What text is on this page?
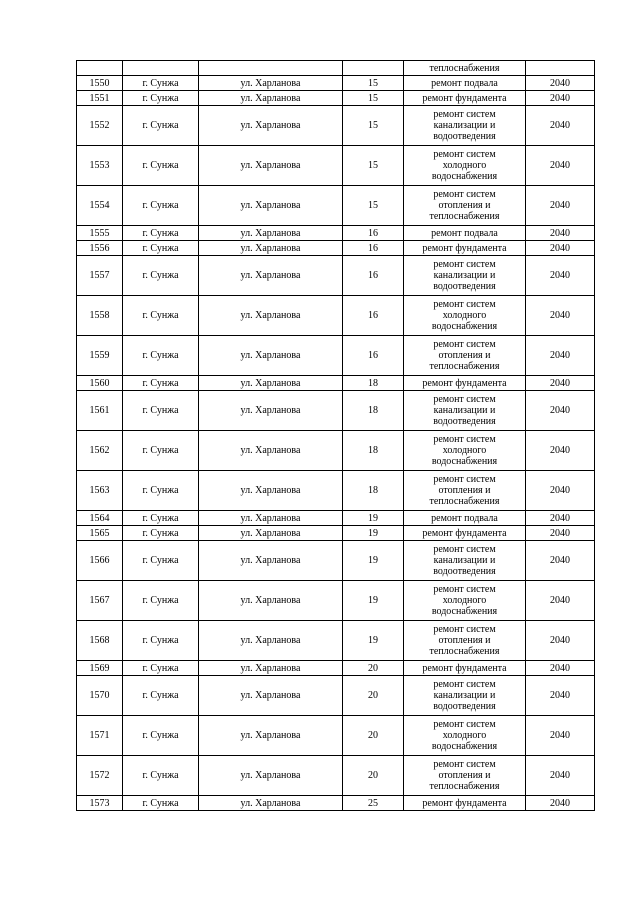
				теплоснабжения	

1550	г. Сунжа	ул. Харланова	15	ремонт подвала	2040
1551	г. Сунжа	ул. Харланова	15	ремонт фундамента	2040
1552	г. Сунжа	ул. Харланова	15	ремонт систем
канализации и
водоотведения	2040
1553	г. Сунжа	ул. Харланова	15	ремонт систем
холодного
водоснабжения	2040
1554	г. Сунжа	ул. Харланова	15	ремонт систем
отопления и
теплоснабжения	2040
1555	г. Сунжа	ул. Харланова	16	ремонт подвала	2040
1556	г. Сунжа	ул. Харланова	16	ремонт фундамента	2040
1557	г. Сунжа	ул. Харланова	16	ремонт систем
канализации и
водоотведения	2040
1558	г. Сунжа	ул. Харланова	16	ремонт систем
холодного
водоснабжения	2040
1559	г. Сунжа	ул. Харланова	16	ремонт систем
отопления и
теплоснабжения	2040
1560	г. Сунжа	ул. Харланова	18	ремонт фундамента	2040
1561	г. Сунжа	ул. Харланова	18	ремонт систем
канализации и
водоотведения	2040
1562	г. Сунжа	ул. Харланова	18	ремонт систем
холодного
водоснабжения	2040
1563	г. Сунжа	ул. Харланова	18	ремонт систем
отопления и
теплоснабжения	2040
1564	г. Сунжа	ул. Харланова	19	ремонт подвала	2040
1565	г. Сунжа	ул. Харланова	19	ремонт фундамента	2040
1566	г. Сунжа	ул. Харланова	19	ремонт систем
канализации и
водоотведения	2040
1567	г. Сунжа	ул. Харланова	19	ремонт систем
холодного
водоснабжения	2040
1568	г. Сунжа	ул. Харланова	19	ремонт систем
отопления и
теплоснабжения	2040
1569	г. Сунжа	ул. Харланова	20	ремонт фундамента	2040
1570	г. Сунжа	ул. Харланова	20	ремонт систем
канализации и
водоотведения	2040
1571	г. Сунжа	ул. Харланова	20	ремонт систем
холодного
водоснабжения	2040
1572	г. Сунжа	ул. Харланова	20	ремонт систем
отопления и
теплоснабжения	2040
1573	г. Сунжа	ул. Харланова	25	ремонт фундамента	2040
